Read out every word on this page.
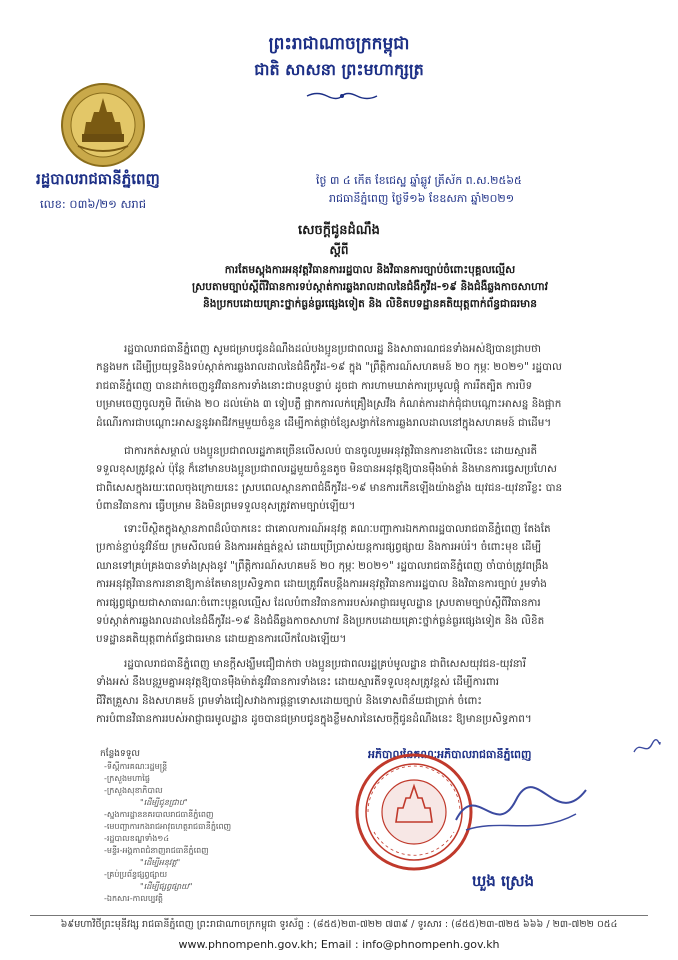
ព្រះរាជាណាចក្រកម្ពុជា
ជាតិ សាសនា ព្រះមហាក្សត្រ
រដ្ឋបាលរាជធានីភ្នំពេញ
លេខ: ០៣៦/២១ សរាជ
ថ្ងៃ ៣ ៤ កើត ខែជេស្ឋ ឆ្នាំឆ្លូវ ត្រីស័ក ព.ស.២៥៦៥
រាជធានីភ្នំពេញ ថ្ងៃទី១៦ ខែឧសភា ឆ្នាំ២០២១
សេចក្តីជូនដំណឹង
ស្តីពី
ការតែមស្ពុងការអនុវត្តវិធានការរដ្ឋបាល និងវិធានការច្បាប់ចំពោះបុគ្គលល្មើស
ស្របតាមច្បាប់ស្តីពីវិធានការទប់ស្កាត់ការឆ្លងរាលដាលនៃជំងឺកូវីដ-១៩ និងជំងឺឆ្លងកាចសាហាវ
និងប្រកបដោយគ្រោះថ្នាក់ធ្ងន់ធ្ងរផ្សេងទៀត និង លិខិតបទដ្ឋានគតិយុត្តពាក់ព័ន្ធជាធរមាន
រដ្ឋបាលរាជធានីភ្នំពេញ សូមជម្រាបជូនដំណឹងដល់បងប្អូនប្រជាពលរដ្ឋ និងសាធារណជនទាំងអស់ឱ្យបានជ្រាបថា
កន្លងមក ដើម្បីប្រយុទ្ធនិងទប់ស្កាត់ការឆ្លងរាលដាលនៃជំងឺកូវីដ-១៩ ក្នុង "ព្រឹត្តិការណ៍សហគមន៍ ២០ កុម្ភៈ ២០២១" រដ្ឋបាល
រាជធានីភ្នំពេញ បានដាក់ចេញនូវវិធានការទាំងនោះជាបន្តបន្ទាប់ ដូចជា ការហាមឃាត់ការប្រមូលផ្តុំ ការរឹតត្បិត ការបិទ
បម្រាមចេញចូលភូមិ ពីម៉ោង ២០ ដល់ម៉ោង ៣ ទៀបភ្លឺ ផ្អាកការលក់គ្រឿងស្រវឹង កំណត់ការដាក់ជុំជាបណ្តោះអាសន្ន និងផ្អាក
ដំណើរការជាបណ្តោះអាសន្ននូវអាជីវកម្មមួយចំនួន ដើម្បីកាត់ផ្តាច់ខ្សែសង្វាក់នៃការឆ្លងរាលដាលនៅក្នុងសហគមន៍ ជាដើម។
ជាការកត់សម្គាល់ បងប្អូនប្រជាពលរដ្ឋភាគច្រើនលើសលប់ បានចូលរួមអនុវត្តវិធានការខាងលើនេះ ដោយស្មារតី
ទទួលខុសត្រូវខ្ពស់ ប៉ុន្តែ ក៏នៅមានបងប្អូនប្រជាពលរដ្ឋមួយចំនួនតូច មិនបានអនុវត្តឱ្យបានម៉ឺងម៉ាត់ និងមានការធ្វេសប្រហែស
ជាពិសេសក្នុងរយៈពេលចុងក្រោយនេះ ស្របពេលស្ថានភាពជំងឺកូវីដ-១៩ មានការកើនឡើងយ៉ាងខ្លាំង យុវជន-យុវនារីខ្លះ បាន
បំពានវិធានការ ធ្វើបម្រាម និងមិនព្រមទទួលខុសត្រូវតាមច្បាប់ឡើយ។
ទោះបីស្ថិតក្នុងស្ថានភាពដ៏លំបាកនេះ ជាគោលការណ៍អនុវត្ត គណៈបញ្ជាការឯកភាពរដ្ឋបាលរាជធានីភ្នំពេញ តែងតែ
ប្រកាន់ខ្ជាប់នូវវិន័យ ក្រមសីលធម៌ និងការអត់ធ្មត់ខ្ពស់ ដោយប្រើប្រាស់យន្តការផ្សព្វផ្សាយ និងការអប់រំ។ ចំពោះមុខ ដើម្បី
ឈានទៅគ្រប់គ្រងបានទាំងស្រុងនូវ "ព្រឹត្តិការណ៍សហគមន៍ ២០ កុម្ភៈ ២០២១" រដ្ឋបាលរាជធានីភ្នំពេញ ចាំបាច់ត្រូវពង្រឹង
ការអនុវត្តវិធានការនានាឱ្យកាន់តែមានប្រសិទ្ធភាព ដោយត្រូវរឹតបន្តឹងការអនុវត្តវិធានការរដ្ឋបាល និងវិធានការច្បាប់ រួមទាំង
ការផ្សព្វផ្សាយជាសាធារណៈចំពោះបុគ្គលល្មើស ដែលបំពានវិធានការរបស់អាជ្ញាធរមូលដ្ឋាន ស្របតាមច្បាប់ស្តីពីវិធានការ
ទប់ស្កាត់ការឆ្លងរាលដាលនៃជំងឺកូវីដ-១៩ និងជំងឺឆ្លងកាចសាហាវ និងប្រកបដោយគ្រោះថ្នាក់ធ្ងន់ធ្ងរផ្សេងទៀត និង លិខិត
បទដ្ឋានគតិយុត្តពាក់ព័ន្ធជាធរមាន ដោយគ្មានការលើកលែងឡើយ។
រដ្ឋបាលរាជធានីភ្នំពេញ មានក្តីសង្ឃឹមជឿជាក់ថា បងប្អូនប្រជាពលរដ្ឋគ្រប់មូលដ្ឋាន ជាពិសេសយុវជន-យុវនារី
ទាំងអស់ នឹងបន្តរួមគ្នាអនុវត្តឱ្យបានម៉ឺងម៉ាត់នូវវិធានការទាំងនេះ ដោយស្មារតីទទួលខុសត្រូវខ្ពស់ ដើម្បីការពារ
ជីវិតគ្រួសារ និងសហគមន៍ ព្រមទាំងជៀសវាងការផ្តន្ទាទោសដោយច្បាប់ និងទោសពិន័យជាប្រាក់ ចំពោះ
ការបំពានវិធានការរបស់អាជ្ញាធរមូលដ្ឋាន ដូចបានជម្រាបជូនក្នុងខ្លឹមសារនៃសេចក្តីជូនដំណឹងនេះ ឱ្យមានប្រសិទ្ធភាព។
កន្លែងទទួល
-ទីស្តីការគណៈរដ្ឋមន្ត្រី
-ក្រសួងមហាផ្ទៃ
-ក្រសួងសុខាភិបាល
"ដើម្បីជូនជ្រាប"
-ស្នងការដ្ឋាននគរបាលរាជធានីភ្នំពេញ
-មេបញ្ជាការកងរាជអាវុធហត្ថរាជធានីភ្នំពេញ
-រដ្ឋបាលខណ្ឌទាំង១៤
-មន្ទីរ-អង្គភាពជំនាញរាជធានីភ្នំពេញ
"ដើម្បីអនុវត្ត"
-គ្រប់ប្រព័ន្ធផ្សព្វផ្សាយ
"ដើម្បីផ្សព្វផ្សាយ"
-ឯកសារ-កាលប្បវត្តិ
អភិបាលនៃគណៈអភិបាលរាជធានីភ្នំពេញ
ឃួង ស្រេង
៦៩មហាវិថីព្រះមុនីវង្ស រាជធានីភ្នំពេញ ព្រះរាជាណាចក្រកម្ពុជា ទូរស័ព្ទ : (៨៥៥)២៣-៧២២ ៧៣៩ / ទូរសារ : (៨៥៥)២៣-៧២៥ ៦៦៦ / ២៣-៧២២ ០៥៤
www.phnompenh.gov.kh; Email : info@phnompenh.gov.kh
